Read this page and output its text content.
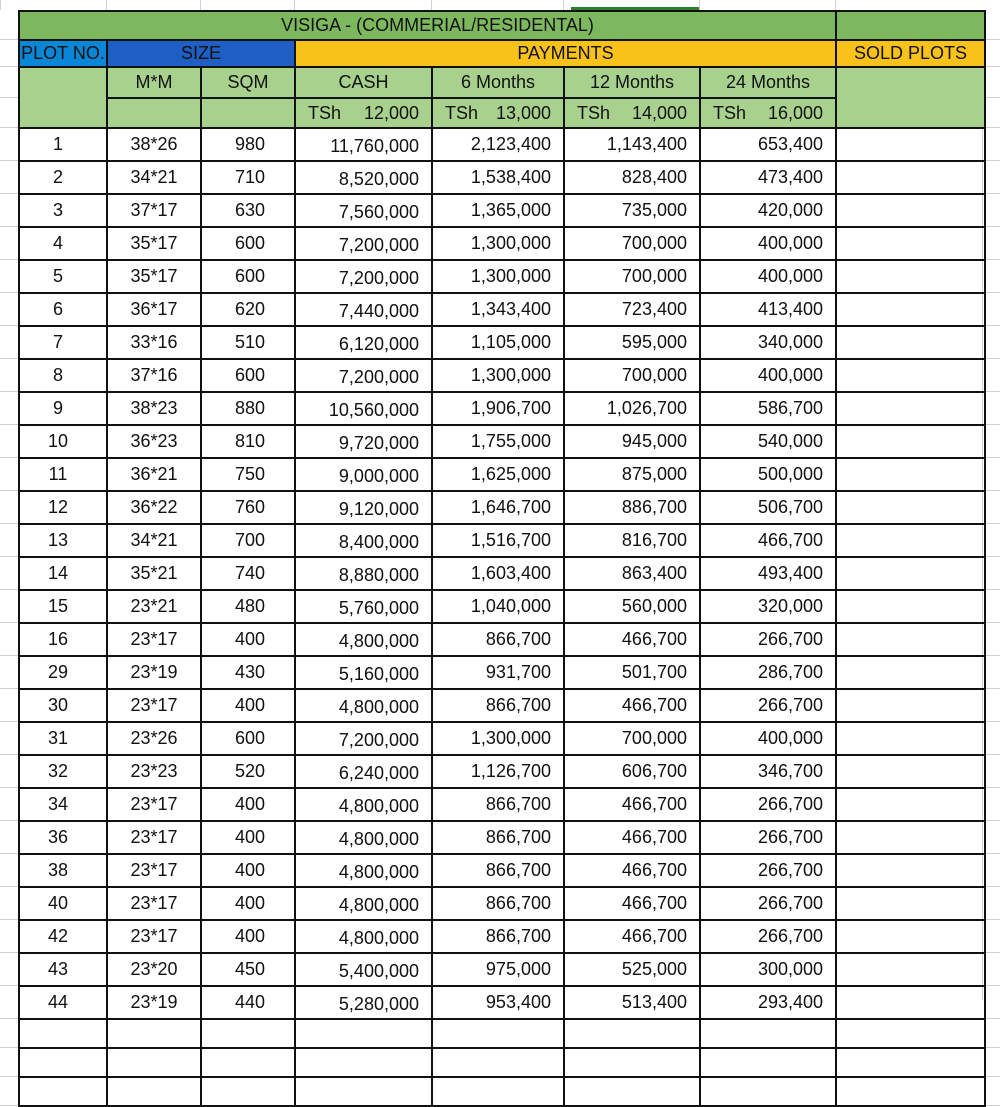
VISIGA - (COMMERIAL/RESIDENTAL)							
PLOT NO.	SIZE		PAYMENTS				SOLD PLOTS
	M*M	SQM	CASH	6 Months	12 Months	24 Months	

			TSh 12,000	TSh 13,000	TSh 14,000	TSh 16,000	

1	38*26	980	11,760,000	2,123,400	1,143,400	653,400	
2	34*21	710	8,520,000	1,538,400	828,400	473,400	
3	37*17	630	7,560,000	1,365,000	735,000	420,000	
4	35*17	600	7,200,000	1,300,000	700,000	400,000	
5	35*17	600	7,200,000	1,300,000	700,000	400,000	
6	36*17	620	7,440,000	1,343,400	723,400	413,400	
7	33*16	510	6,120,000	1,105,000	595,000	340,000	
8	37*16	600	7,200,000	1,300,000	700,000	400,000	
9	38*23	880	10,560,000	1,906,700	1,026,700	586,700	
10	36*23	810	9,720,000	1,755,000	945,000	540,000	
11	36*21	750	9,000,000	1,625,000	875,000	500,000	
12	36*22	760	9,120,000	1,646,700	886,700	506,700	
13	34*21	700	8,400,000	1,516,700	816,700	466,700	
14	35*21	740	8,880,000	1,603,400	863,400	493,400	
15	23*21	480	5,760,000	1,040,000	560,000	320,000	
16	23*17	400	4,800,000	866,700	466,700	266,700	
29	23*19	430	5,160,000	931,700	501,700	286,700	
30	23*17	400	4,800,000	866,700	466,700	266,700	
31	23*26	600	7,200,000	1,300,000	700,000	400,000	
32	23*23	520	6,240,000	1,126,700	606,700	346,700	
34	23*17	400	4,800,000	866,700	466,700	266,700	
36	23*17	400	4,800,000	866,700	466,700	266,700	
38	23*17	400	4,800,000	866,700	466,700	266,700	
40	23*17	400	4,800,000	866,700	466,700	266,700	
42	23*17	400	4,800,000	866,700	466,700	266,700	
43	23*20	450	5,400,000	975,000	525,000	300,000	
44	23*19	440	5,280,000	953,400	513,400	293,400	
